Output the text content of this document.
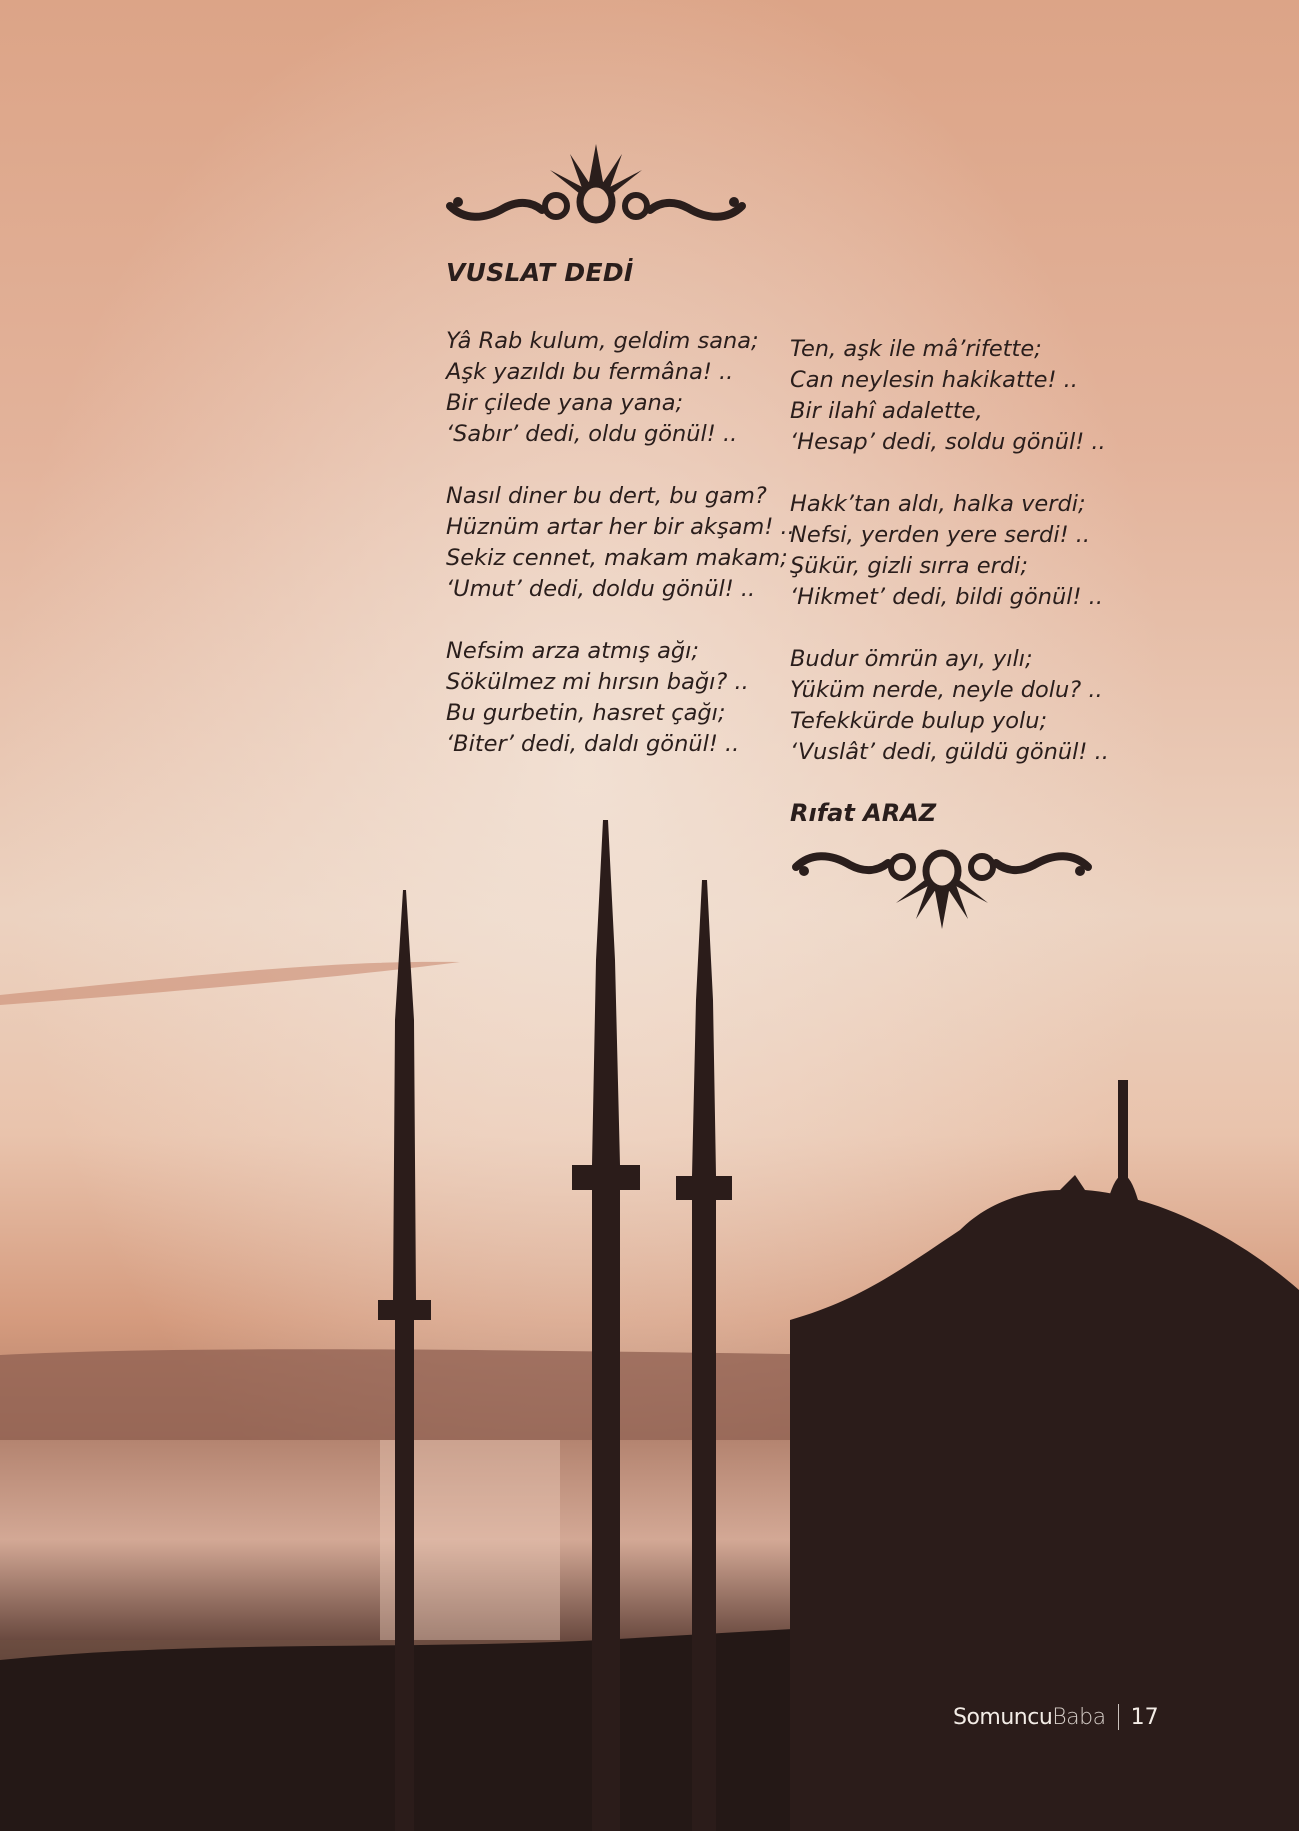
VUSLAT DEDİ

Yâ Rab kulum, geldim sana;
Aşk yazıldı bu fermâna! ..
Bir çilede yana yana;
‘Sabır’ dedi, oldu gönül! ..

Nasıl diner bu dert, bu gam?
Hüznüm artar her bir akşam! ..
Sekiz cennet, makam makam;
‘Umut’ dedi, doldu gönül! ..

Nefsim arza atmış ağı;
Sökülmez mi hırsın bağı? ..
Bu gurbetin, hasret çağı;
‘Biter’ dedi, daldı gönül! ..

Ten, aşk ile mâ’rifette;
Can neylesin hakikatte! ..
Bir ilahî adalette,
‘Hesap’ dedi, soldu gönül! ..

Hakk’tan aldı, halka verdi;
Nefsi, yerden yere serdi! ..
Şükür, gizli sırra erdi;
‘Hikmet’ dedi, bildi gönül! ..

Budur ömrün ayı, yılı;
Yüküm nerde, neyle dolu? ..
Tefekkürde bulup yolu;
‘Vuslât’ dedi, güldü gönül! ..

Rıfat ARAZ

Somuncu Baba 17
